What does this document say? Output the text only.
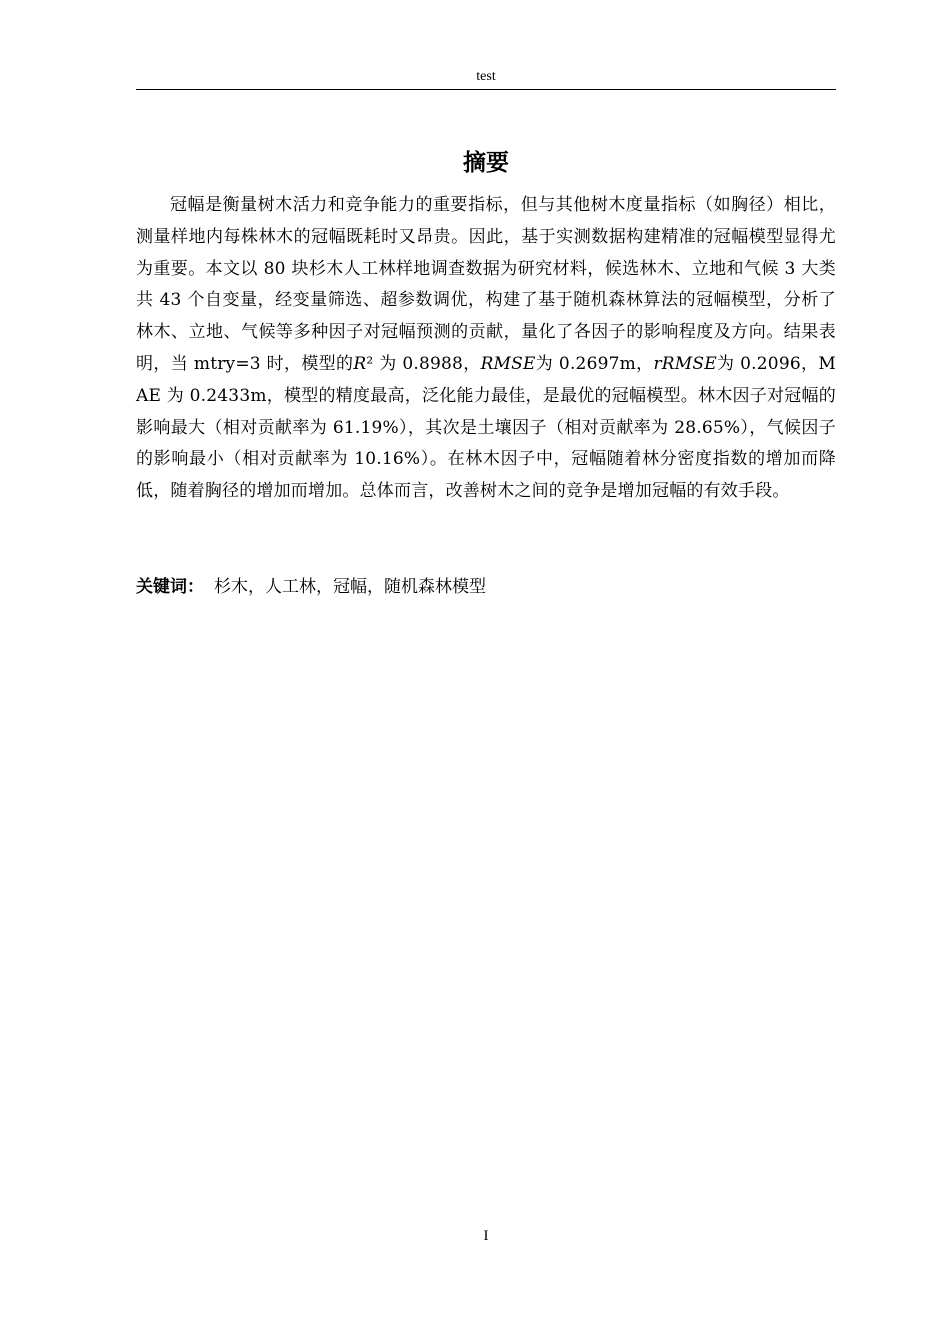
test
摘要

冠幅是衡量树木活力和竞争能力的重要指标，但与其他树木度量指标（如胸径）相比，测量样地内每株林木的冠幅既耗时又昂贵。因此，基于实测数据构建精准的冠幅模型显得尤为重要。本文以 80 块杉木人工林样地调查数据为研究材料，候选林木、立地和气候 3 大类共 43 个自变量，经变量筛选、超参数调优，构建了基于随机森林算法的冠幅模型，分析了林木、立地、气候等多种因子对冠幅预测的贡献，量化了各因子的影响程度及方向。结果表明，当 mtry=3 时，模型的R² 为 0.8988，RMSE为 0.2697m，rRMSE为 0.2096，MAE 为 0.2433m，模型的精度最高，泛化能力最佳，是最优的冠幅模型。林木因子对冠幅的影响最大（相对贡献率为 61.19%），其次是土壤因子（相对贡献率为 28.65%），气候因子的影响最小（相对贡献率为 10.16%）。在林木因子中，冠幅随着林分密度指数的增加而降低，随着胸径的增加而增加。总体而言，改善树木之间的竞争是增加冠幅的有效手段。

关键词： 杉木，人工林，冠幅，随机森林模型
I
